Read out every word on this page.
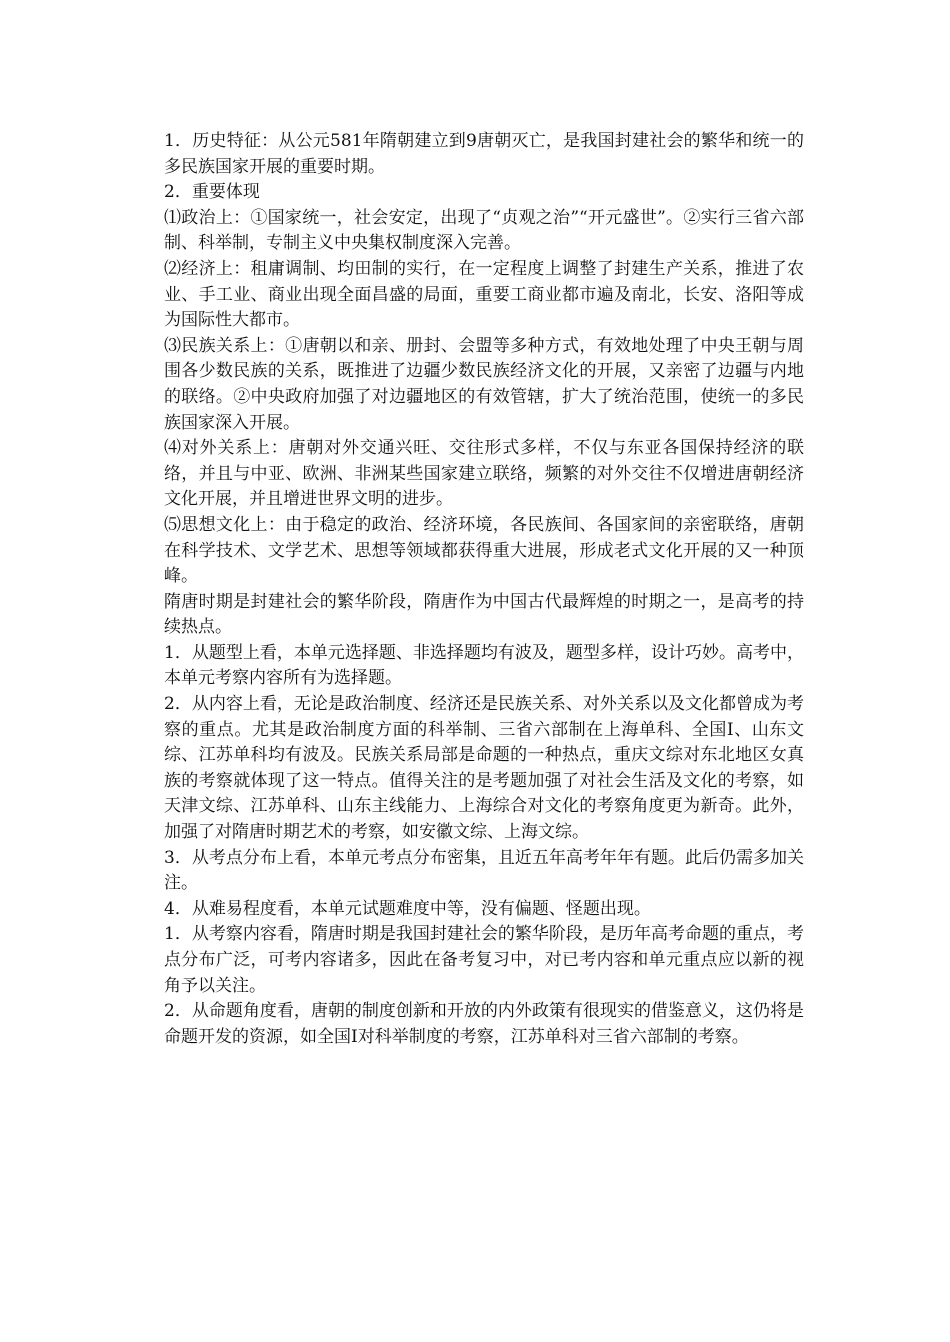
1．历史特征：从公元581年隋朝建立到9唐朝灭亡，是我国封建社会的繁华和统一的多民族国家开展的重要时期。

2．重要体现

⑴政治上：①国家统一，社会安定，出现了“贞观之治”“开元盛世”。②实行三省六部制、科举制，专制主义中央集权制度深入完善。

⑵经济上：租庸调制、均田制的实行，在一定程度上调整了封建生产关系，推进了农业、手工业、商业出现全面昌盛的局面，重要工商业都市遍及南北，长安、洛阳等成为国际性大都市。

⑶民族关系上：①唐朝以和亲、册封、会盟等多种方式，有效地处理了中央王朝与周围各少数民族的关系，既推进了边疆少数民族经济文化的开展，又亲密了边疆与内地的联络。②中央政府加强了对边疆地区的有效管辖，扩大了统治范围，使统一的多民族国家深入开展。

⑷对外关系上：唐朝对外交通兴旺、交往形式多样，不仅与东亚各国保持经济的联络，并且与中亚、欧洲、非洲某些国家建立联络，频繁的对外交往不仅增进唐朝经济文化开展，并且增进世界文明的进步。

⑸思想文化上：由于稳定的政治、经济环境，各民族间、各国家间的亲密联络，唐朝在科学技术、文学艺术、思想等领域都获得重大进展，形成老式文化开展的又一种顶峰。

隋唐时期是封建社会的繁华阶段，隋唐作为中国古代最辉煌的时期之一，是高考的持续热点。

1．从题型上看，本单元选择题、非选择题均有波及，题型多样，设计巧妙。高考中，本单元考察内容所有为选择题。

2．从内容上看，无论是政治制度、经济还是民族关系、对外关系以及文化都曾成为考察的重点。尤其是政治制度方面的科举制、三省六部制在上海单科、全国Ⅰ、山东文综、江苏单科均有波及。民族关系局部是命题的一种热点，重庆文综对东北地区女真族的考察就体现了这一特点。值得关注的是考题加强了对社会生活及文化的考察，如天津文综、江苏单科、山东主线能力、上海综合对文化的考察角度更为新奇。此外，加强了对隋唐时期艺术的考察，如安徽文综、上海文综。

3．从考点分布上看，本单元考点分布密集，且近五年高考年年有题。此后仍需多加关注。

4．从难易程度看，本单元试题难度中等，没有偏题、怪题出现。

1．从考察内容看，隋唐时期是我国封建社会的繁华阶段，是历年高考命题的重点，考点分布广泛，可考内容诸多，因此在备考复习中，对已考内容和单元重点应以新的视角予以关注。

2．从命题角度看，唐朝的制度创新和开放的内外政策有很现实的借鉴意义，这仍将是命题开发的资源，如全国Ⅰ对科举制度的考察，江苏单科对三省六部制的考察。
